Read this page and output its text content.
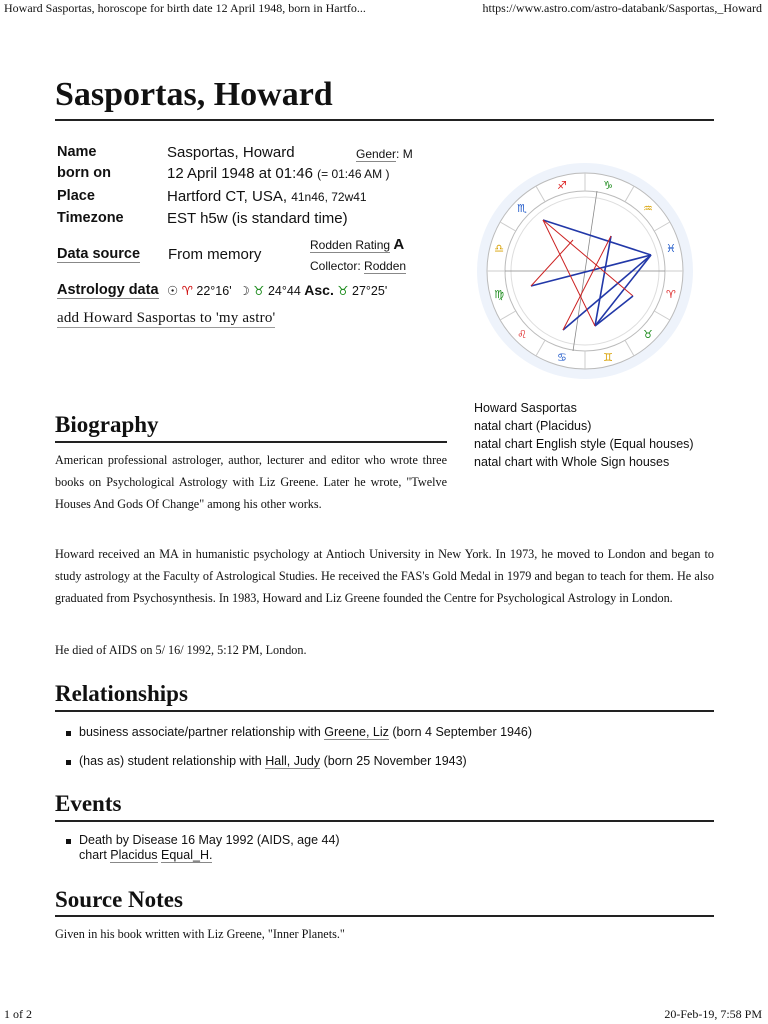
Howard Sasportas, horoscope for birth date 12 April 1948, born in Hartfo...	https://www.astro.com/astro-databank/Sasportas,_Howard
Sasportas, Howard
Name	Sasportas, Howard	Gender: M
born on	12 April 1948 at 01:46 (= 01:46 AM )
Place	Hartford CT, USA, 41n46, 72w41
Timezone	EST h5w (is standard time)
Data source From memory
Rodden Rating A
Collector: Rodden
Astrology data ☉ ♈ 22°16' ☽ ♉ 24°44 Asc. ♉ 27°25'
add Howard Sasportas to 'my astro'
♈
♉
♊
♋
♌
♍
♎
♏
♐	♑
♒
♓
Howard Sasportas
natal chart (Placidus)
natal chart English style (Equal houses)
natal chart with Whole Sign houses
Biography

American professional astrologer, author, lecturer and editor who wrote three books on Psychological Astrology with Liz Greene. Later he wrote, "Twelve Houses And Gods Of Change" among his other works.

Howard received an MA in humanistic psychology at Antioch University in New York. In 1973, he moved to London and began to study astrology at the Faculty of Astrological Studies. He received the FAS's Gold Medal in 1979 and began to teach for them. He also graduated from Psychosynthesis. In 1983, Howard and Liz Greene founded the Centre for Psychological Astrology in London.

He died of AIDS on 5/ 16/ 1992, 5:12 PM, London.

Relationships
business associate/partner relationship with Greene, Liz (born 4 September 1946)
(has as) student relationship with Hall, Judy (born 25 November 1943)
Events
Death by Disease 16 May 1992 (AIDS, age 44)
chart Placidus Equal_H.
Source Notes

Given in his book written with Liz Greene, "Inner Planets."

1 of 2	20-Feb-19, 7:58 PM
